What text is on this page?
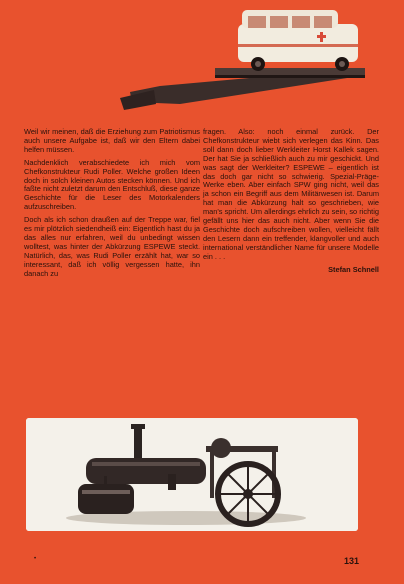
Weil wir meinen, daß die Erziehung zum Patriotismus auch unsere Aufgabe ist, daß wir den Eltern dabei helfen müssen.

Nachdenklich verabschiedete ich mich vom Chefkonstrukteur Rudi Poller. Welche großen Ideen doch in solch kleinen Autos stecken können. Und ich faßte nicht zuletzt darum den Entschluß, diese ganze Geschichte für die Leser des Motorkalenders aufzuschreiben.

Doch als ich schon draußen auf der Treppe war, fiel es mir plötzlich siedendheiß ein: Eigentlich hast du ja das alles nur erfahren, weil du unbedingt wissen wolltest, was hinter der Abkürzung ESPEWE steckt. Natürlich, das, was Rudi Poller erzählt hat, war so interessant, daß ich völlig vergessen hatte, ihn danach zu

fragen. Also: noch einmal zurück. Der Chefkonstrukteur wiebt sich verlegen das Kinn. Das soll dann doch lieber Werkleiter Horst Kallek sagen. Der hat Sie ja schließlich auch zu mir geschickt. Und was sagt der Werkleiter? ESPEWE – eigentlich ist das doch gar nicht so schwierig. Spezial-Präge-Werke eben. Aber einfach SPW ging nicht, weil das ja schon ein Begriff aus dem Militärwesen ist. Darum hat man die Abkürzung halt so geschrieben, wie man's spricht. Um allerdings ehrlich zu sein, so richtig gefällt uns hier das auch nicht. Aber wenn Sie die Geschichte doch aufschreiben wollen, vielleicht fällt den Lesern dann ein treffender, klangvoller und auch international verständlicher Name für unsere Modelle ein . . .

Stefan Schnell
•	131
